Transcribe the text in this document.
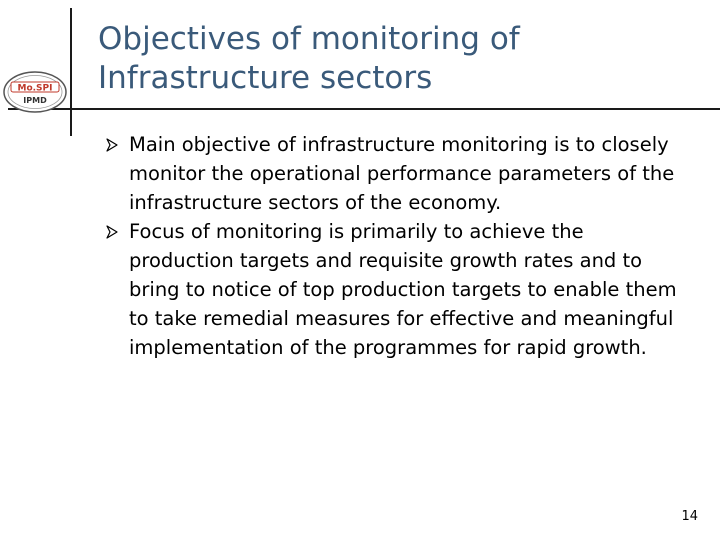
Mo.SPI
IPMD
Objectives of monitoring of
Infrastructure sectors
Main objective of infrastructure monitoring is to closely monitor the operational performance parameters of the infrastructure sectors of the economy.
Focus of monitoring is primarily to achieve the production targets and requisite growth rates and to bring to notice of top production targets to enable them to take remedial measures for effective and meaningful implementation of the programmes for rapid growth.
14
